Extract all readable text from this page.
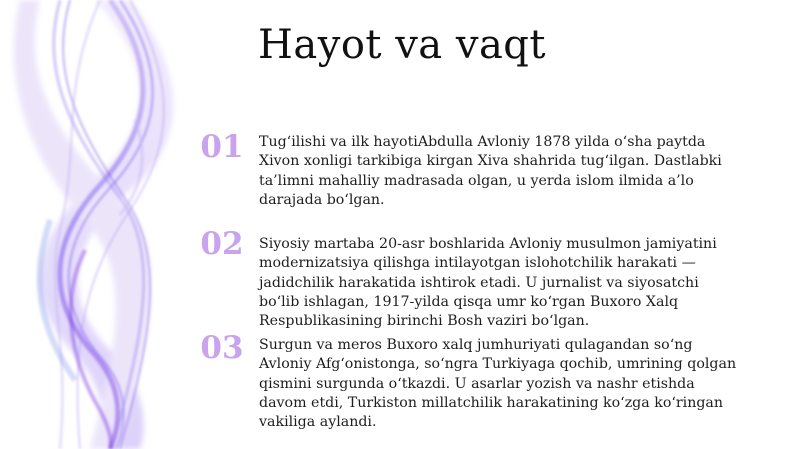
Hayot va vaqt
01	Tug‘ilishi va ilk hayotiAbdulla Avloniy 1878 yilda o‘sha paytda Xivon xonligi tarkibiga kirgan Xiva shahrida tug‘ilgan. Dastlabki ta’limni mahalliy madrasada olgan, u yerda islom ilmida a’lo darajada bo‘lgan.
02	Siyosiy martaba 20-asr boshlarida Avloniy musulmon jamiyatini modernizatsiya qilishga intilayotgan islohotchilik harakati — jadidchilik harakatida ishtirok etadi. U jurnalist va siyosatchi bo‘lib ishlagan, 1917-yilda qisqa umr ko‘rgan Buxoro Xalq Respublikasining birinchi Bosh vaziri bo‘lgan.
03	Surgun va meros Buxoro xalq jumhuriyati qulagandan so‘ng Avloniy Afg‘onistonga, so‘ngra Turkiyaga qochib, umrining qolgan qismini surgunda o‘tkazdi. U asarlar yozish va nashr etishda davom etdi, Turkiston millatchilik harakatining ko‘zga ko‘ringan vakiliga aylandi.
